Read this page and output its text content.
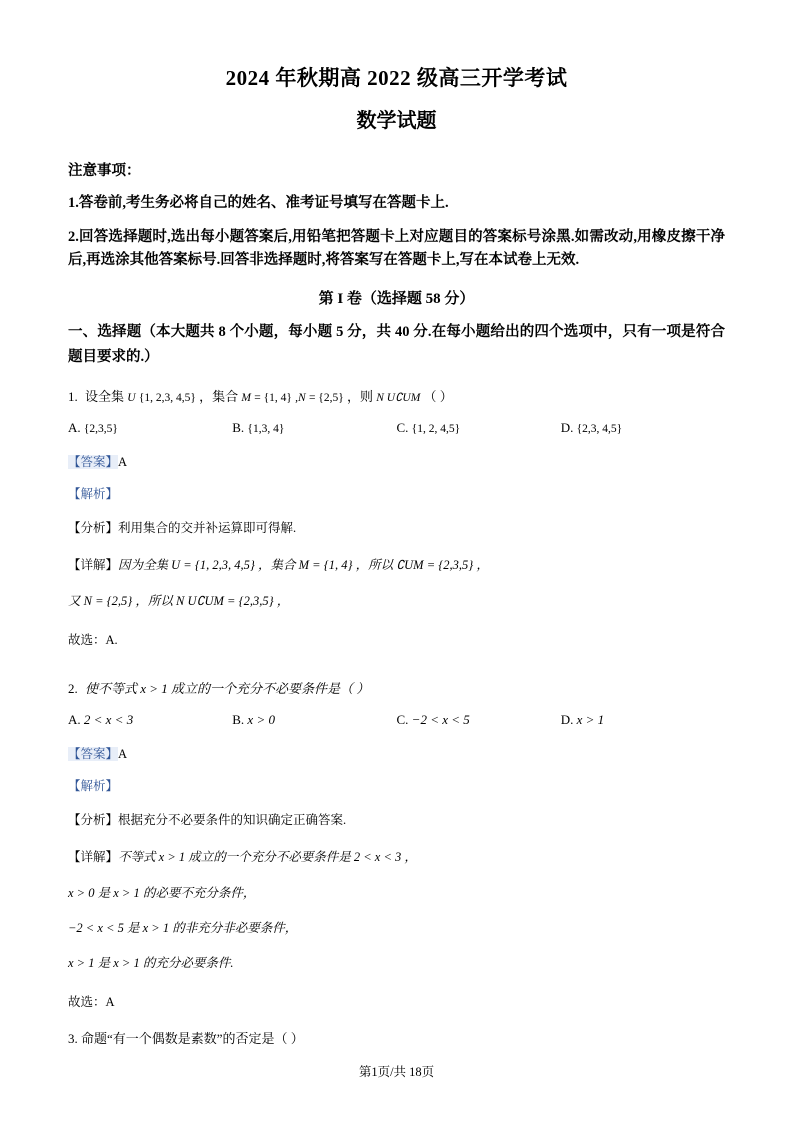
2024 年秋期高 2022 级高三开学考试
数学试题
注意事项：
1.答卷前,考生务必将自己的姓名、准考证号填写在答题卡上.
2.回答选择题时,选出每小题答案后,用铅笔把答题卡上对应题目的答案标号涂黑.如需改动,用橡皮擦干净后,再选涂其他答案标号.回答非选择题时,将答案写在答题卡上,写在本试卷上无效.
第 I 卷（选择题 58 分）
一、选择题（本大题共 8 个小题，每小题 5 分，共 40 分.在每小题给出的四个选项中，只有一项是符合题目要求的.）
1. 设全集 U {1, 2,3, 4,5} ，集合 M = {1, 4} ,N = {2,5} ，则 N U∁UM （ ）
A. {2,3,5}	B. {1,3, 4}	C. {1, 2, 4,5}	D. {2,3, 4,5}
【答案】A
【解析】
【分析】利用集合的交并补运算即可得解.
【详解】因为全集 U = {1, 2,3, 4,5} ，集合 M = {1, 4} ，所以 ∁UM = {2,3,5} ，
又 N = {2,5} ，所以 N U∁UM = {2,3,5} ，
故选：A.
2. 使不等式 x > 1 成立的一个充分不必要条件是（ ）
A. 2 < x < 3	B. x > 0	C. −2 < x < 5	D. x > 1
【答案】A
【解析】
【分析】根据充分不必要条件的知识确定正确答案.
【详解】不等式 x > 1 成立的一个充分不必要条件是 2 < x < 3 ，
x > 0 是 x > 1 的必要不充分条件，
−2 < x < 5 是 x > 1 的非充分非必要条件，
x > 1 是 x > 1 的充分必要条件.
故选：A
3. 命题“有一个偶数是素数”的否定是（ ）
第1页/共 18页
